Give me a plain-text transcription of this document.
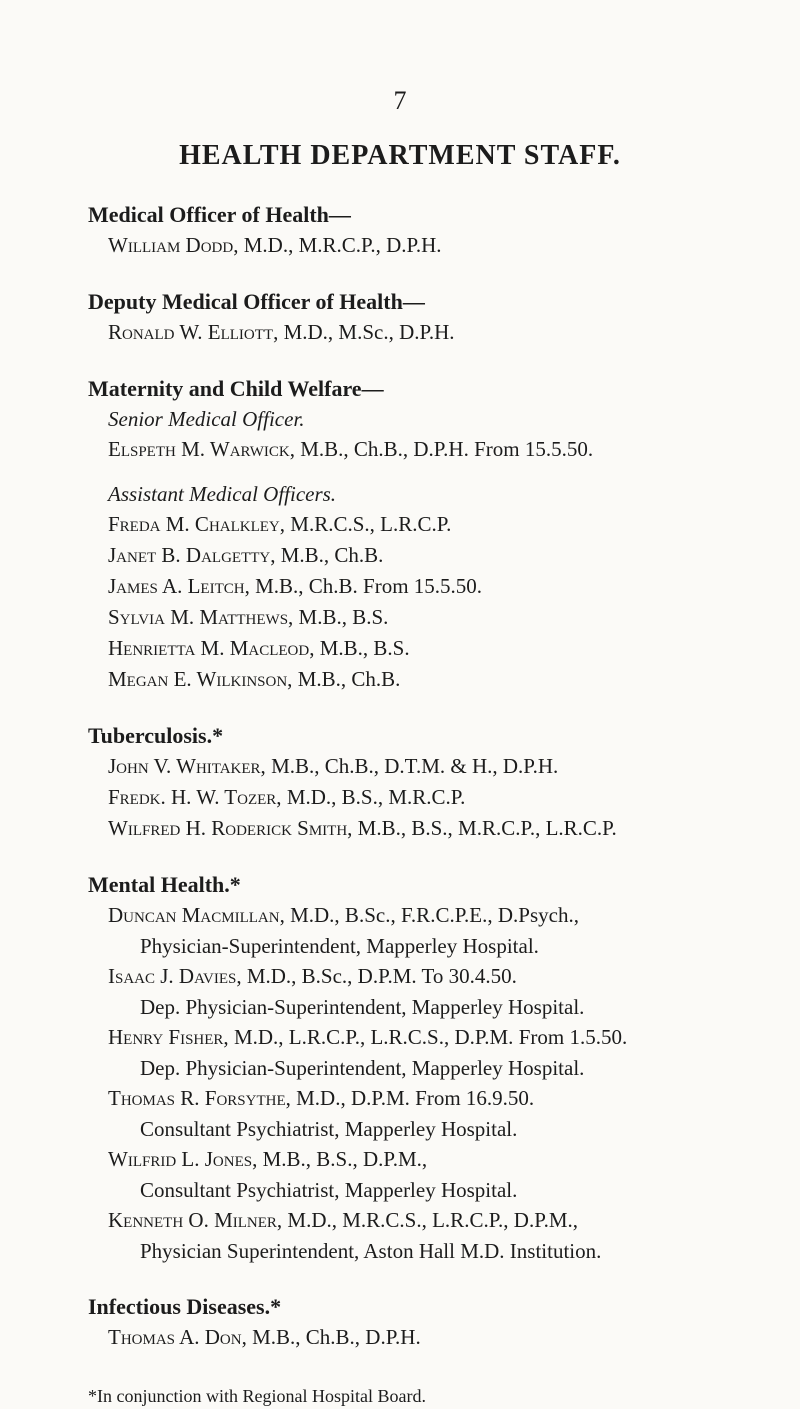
7
HEALTH DEPARTMENT STAFF.
Medical Officer of Health—
William Dodd, M.D., M.R.C.P., D.P.H.
Deputy Medical Officer of Health—
Ronald W. Elliott, M.D., M.Sc., D.P.H.
Maternity and Child Welfare—
Senior Medical Officer.
Elspeth M. Warwick, M.B., Ch.B., D.P.H. From 15.5.50.
Assistant Medical Officers.
Freda M. Chalkley, M.R.C.S., L.R.C.P.
Janet B. Dalgetty, M.B., Ch.B.
James A. Leitch, M.B., Ch.B. From 15.5.50.
Sylvia M. Matthews, M.B., B.S.
Henrietta M. Macleod, M.B., B.S.
Megan E. Wilkinson, M.B., Ch.B.
Tuberculosis.*
John V. Whitaker, M.B., Ch.B., D.T.M. & H., D.P.H.
Fredk. H. W. Tozer, M.D., B.S., M.R.C.P.
Wilfred H. Roderick Smith, M.B., B.S., M.R.C.P., L.R.C.P.
Mental Health.*
Duncan Macmillan, M.D., B.Sc., F.R.C.P.E., D.Psych.,
Physician-Superintendent, Mapperley Hospital.
Isaac J. Davies, M.D., B.Sc., D.P.M. To 30.4.50.
Dep. Physician-Superintendent, Mapperley Hospital.
Henry Fisher, M.D., L.R.C.P., L.R.C.S., D.P.M. From 1.5.50.
Dep. Physician-Superintendent, Mapperley Hospital.
Thomas R. Forsythe, M.D., D.P.M. From 16.9.50.
Consultant Psychiatrist, Mapperley Hospital.
Wilfrid L. Jones, M.B., B.S., D.P.M.,
Consultant Psychiatrist, Mapperley Hospital.
Kenneth O. Milner, M.D., M.R.C.S., L.R.C.P., D.P.M.,
Physician Superintendent, Aston Hall M.D. Institution.
Infectious Diseases.*
Thomas A. Don, M.B., Ch.B., D.P.H.
*In conjunction with Regional Hospital Board.
